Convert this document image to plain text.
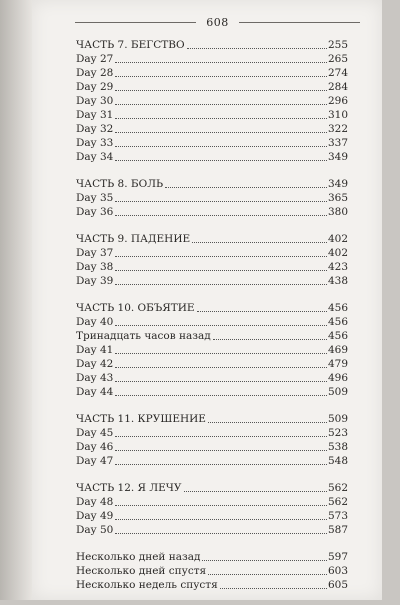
608
ЧАСТЬ 7. БЕГСТВО	255
Day 27	265
Day 28	274
Day 29	284
Day 30	296
Day 31	310
Day 32	322
Day 33	337
Day 34	349
ЧАСТЬ 8. БОЛЬ	349
Day 35	365
Day 36	380
ЧАСТЬ 9. ПАДЕНИЕ	402
Day 37	402
Day 38	423
Day 39	438
ЧАСТЬ 10. ОБЪЯТИЕ	456
Day 40	456
Тринадцать часов назад	456
Day 41	469
Day 42	479
Day 43	496
Day 44	509
ЧАСТЬ 11. КРУШЕНИЕ	509
Day 45	523
Day 46	538
Day 47	548
ЧАСТЬ 12. Я ЛЕЧУ	562
Day 48	562
Day 49	573
Day 50	587
Несколько дней назад	597
Несколько дней спустя	603
Несколько недель спустя	605
